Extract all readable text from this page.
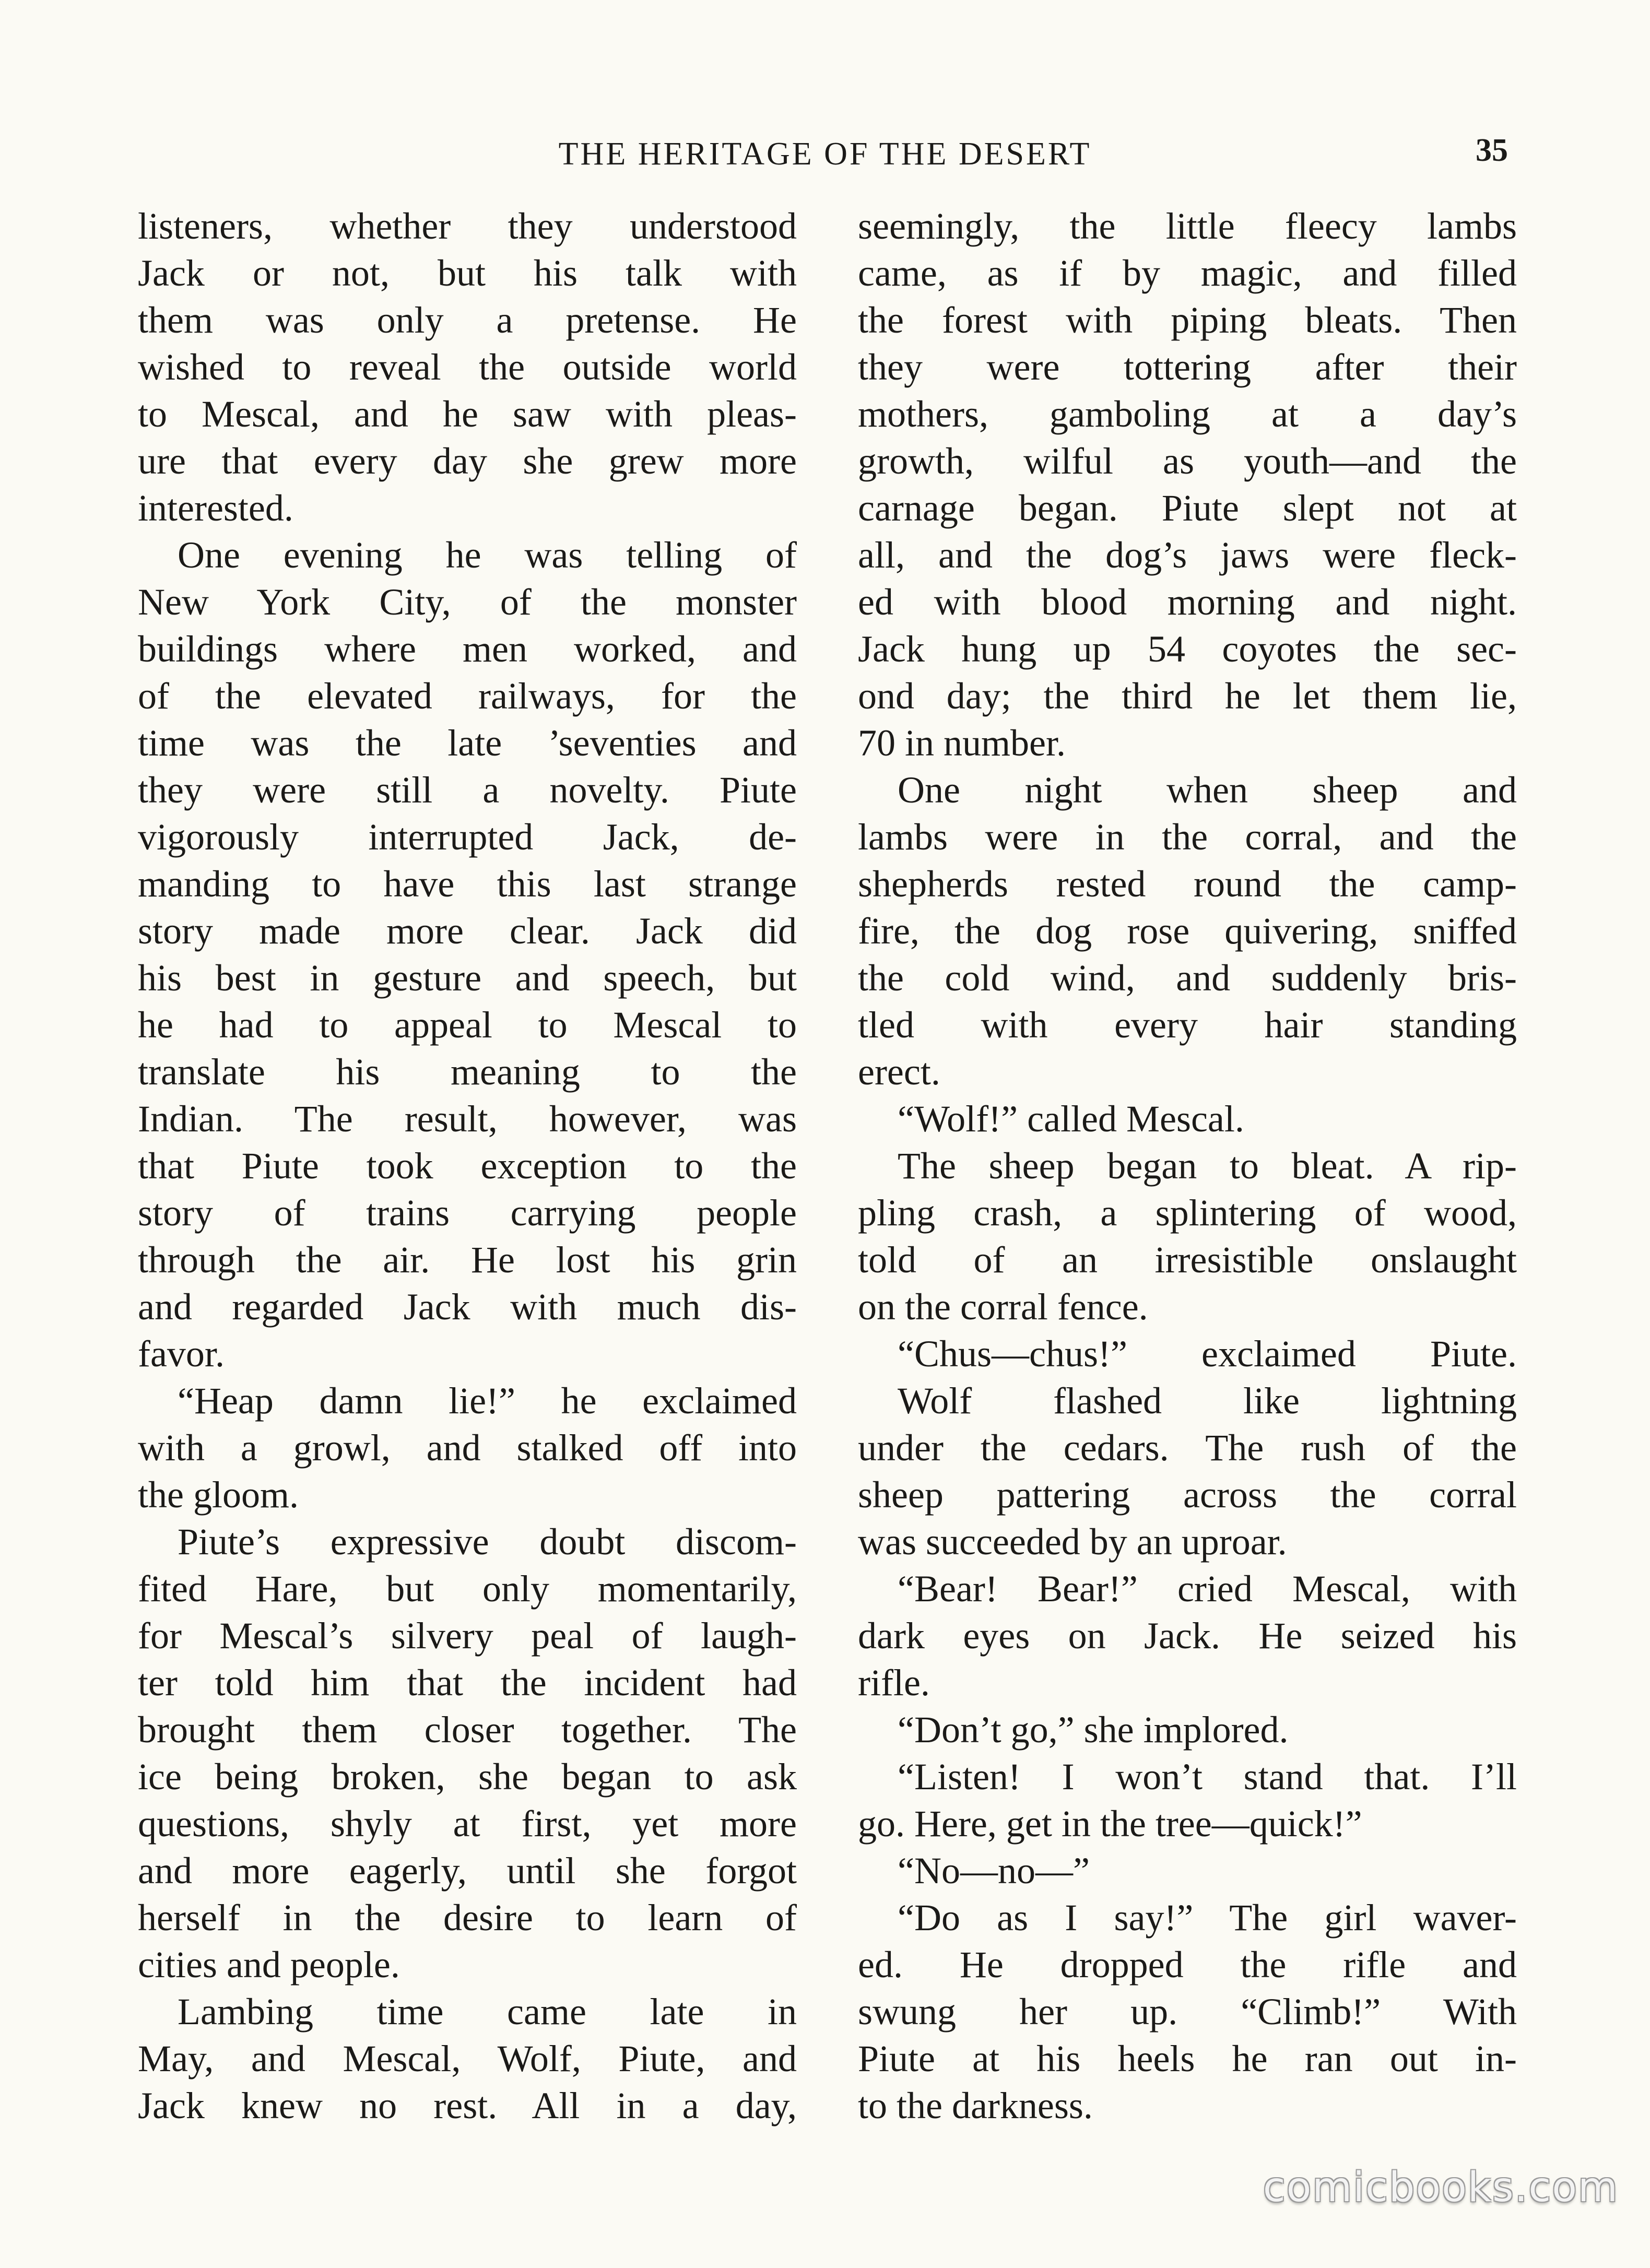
THE HERITAGE OF THE DESERT	35
listeners, whether they understood
Jack or not, but his talk with
them was only a pretense. He
wished to reveal the outside world
to Mescal, and he saw with pleas-
ure that every day she grew more
interested.
One evening he was telling of
New York City, of the monster
buildings where men worked, and
of the elevated railways, for the
time was the late ’seventies and
they were still a novelty. Piute
vigorously interrupted Jack, de-
manding to have this last strange
story made more clear. Jack did
his best in gesture and speech, but
he had to appeal to Mescal to
translate his meaning to the
Indian. The result, however, was
that Piute took exception to the
story of trains carrying people
through the air. He lost his grin
and regarded Jack with much dis-
favor.
“Heap damn lie!” he exclaimed
with a growl, and stalked off into
the gloom.
Piute’s expressive doubt discom-
fited Hare, but only momentarily,
for Mescal’s silvery peal of laugh-
ter told him that the incident had
brought them closer together. The
ice being broken, she began to ask
questions, shyly at first, yet more
and more eagerly, until she forgot
herself in the desire to learn of
cities and people.
Lambing time came late in
May, and Mescal, Wolf, Piute, and
Jack knew no rest. All in a day,
seemingly, the little fleecy lambs
came, as if by magic, and filled
the forest with piping bleats. Then
they were tottering after their
mothers, gamboling at a day’s
growth, wilful as youth—and the
carnage began. Piute slept not at
all, and the dog’s jaws were fleck-
ed with blood morning and night.
Jack hung up 54 coyotes the sec-
ond day; the third he let them lie,
70 in number.
One night when sheep and
lambs were in the corral, and the
shepherds rested round the camp-
fire, the dog rose quivering, sniffed
the cold wind, and suddenly bris-
tled with every hair standing
erect.
“Wolf!” called Mescal.
The sheep began to bleat. A rip-
pling crash, a splintering of wood,
told of an irresistible onslaught
on the corral fence.
“Chus—chus!” exclaimed Piute.
Wolf flashed like lightning
under the cedars. The rush of the
sheep pattering across the corral
was succeeded by an uproar.
“Bear! Bear!” cried Mescal, with
dark eyes on Jack. He seized his
rifle.
“Don’t go,” she implored.
“Listen! I won’t stand that. I’ll
go. Here, get in the tree—quick!”
“No—no—”
“Do as I say!” The girl waver-
ed. He dropped the rifle and
swung her up. “Climb!” With
Piute at his heels he ran out in-
to the darkness.
comicbooks.com
